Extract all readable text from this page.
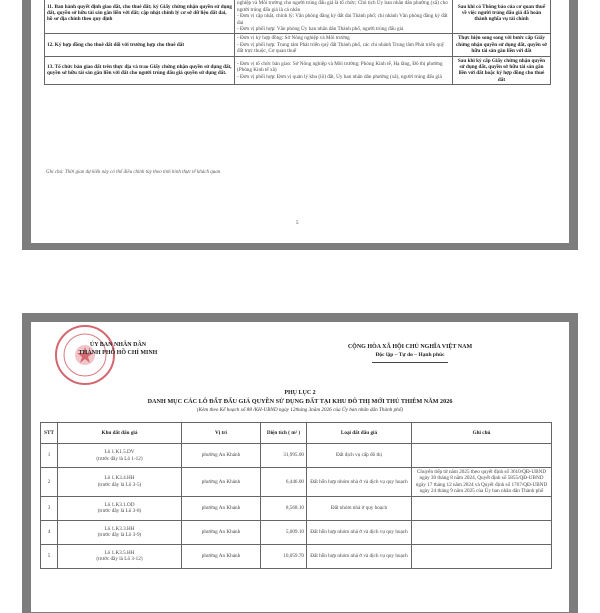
11. Ban hành quyết định giao đất, cho thuê đất; ký Giấy chứng nhận quyền sử dụng đất, quyền sở hữu tài sản gắn liền với đất; cập nhật chỉnh lý cơ sở dữ liệu đất đai, hồ sơ địa chính theo quy định	nghiệp và Môi trường cho người trúng đấu giá là tổ chức; Chủ tịch Ủy ban nhân dân phường (xã) cho người trúng đấu giá là cá nhân
- Đơn vị cập nhật, chỉnh lý: Văn phòng đăng ký đất đai Thành phố; chi nhánh Văn phòng đăng ký đất đai
- Đơn vị phối hợp: Văn phòng Ủy ban nhân dân Thành phố, người trúng đấu giá	Sau khi có Thông báo của cơ quan thuế về việc người trúng đấu giá đã hoàn thành nghĩa vụ tài chính
12. Ký hợp đồng cho thuê đất đối với trường hợp cho thuê đất	- Đơn vị ký hợp đồng: Sở Nông nghiệp và Môi trường
- Đơn vị phối hợp: Trung tâm Phát triển quỹ đất Thành phố, các chi nhánh Trung tâm Phát triển quỹ đất trực thuộc, Cơ quan thuế	Thực hiện song song với bước cấp Giấy chứng nhận quyền sử dụng đất, quyền sở hữu tài sản gắn liền với đất
13. Tổ chức bàn giao đất trên thực địa và trao Giấy chứng nhận quyền sử dụng đất, quyền sở hữu tài sản gắn liền với đất cho người trúng đấu giá quyền sử dụng đất.	- Đơn vị tổ chức bàn giao: Sở Nông nghiệp và Môi trường; Phòng Kinh tế, Hạ tầng, Đô thị phường (Phòng Kinh tế xã)
- Đơn vị phối hợp: Đơn vị quản lý khu (lô) đất, Ủy ban nhân dân phường (xã), người trúng đấu giá	Sau khi ký cấp Giấy chứng nhận quyền sử dụng đất, quyền sở hữu tài sản gắn liền với đất hoặc ký hợp đồng cho thuê đất
Ghi chú: Thời gian dự kiến này có thể điều chỉnh tùy theo tình hình thực tế khách quan
5
ỦY BAN NHÂN DÂN
THÀNH PHỐ HỒ CHÍ MINH
CỘNG HÒA XÃ HỘI CHỦ NGHĨA VIỆT NAM
Độc lập – Tự do – Hạnh phúc
PHỤ LỤC 2
DANH MỤC CÁC LÔ ĐẤT ĐẤU GIÁ QUYỀN SỬ DỤNG ĐẤT TẠI KHU ĐÔ THỊ MỚI THỦ THIÊM NĂM 2026
(Kèm theo Kế hoạch số 88 /KH-UBND ngày 12tháng 3năm 2026 của Ủy ban nhân dân Thành phố)
STT	Khu đất đấu giá	Vị trí	Diện tích ( m² )	Loại đất đấu giá	Ghi chú
1	Lô 1.K1.5.DV
(trước đây là Lô 1-12)	phường An Khánh	31,995.00	Đất dịch vụ cấp đô thị	
2	Lô 1.K3.4.HH
(trước đây là Lô 3-5)	phường An Khánh	6,446.00	Đất hỗn hợp nhóm nhà ở và dịch vụ quy hoạch	Chuyển tiếp từ năm 2025 theo quyết định số 3610/QĐ-UBND ngày 30 tháng 8 năm 2024, Quyết định số 5855/QĐ-UBND ngày 17 tháng 12 năm 2024 và Quyết định số 1767/QĐ-UBND ngày 24 tháng 9 năm 2025 của Ủy ban nhân dân Thành phố
3	Lô 1.K3.1.OD
(trước đây là Lô 3-8)	phường An Khánh	8,568.10	Đất nhóm nhà ở quy hoạch	
4	Lô 1.K3.3.HH
(trước đây là Lô 3-9)	phường An Khánh	5,009.10	Đất hỗn hợp nhóm nhà ở và dịch vụ quy hoạch	
5	Lô 1.K3.5.HH
(trước đây là Lô 3-12)	phường An Khánh	10,059.70	Đất hỗn hợp nhóm nhà ở và dịch vụ quy hoạch	
